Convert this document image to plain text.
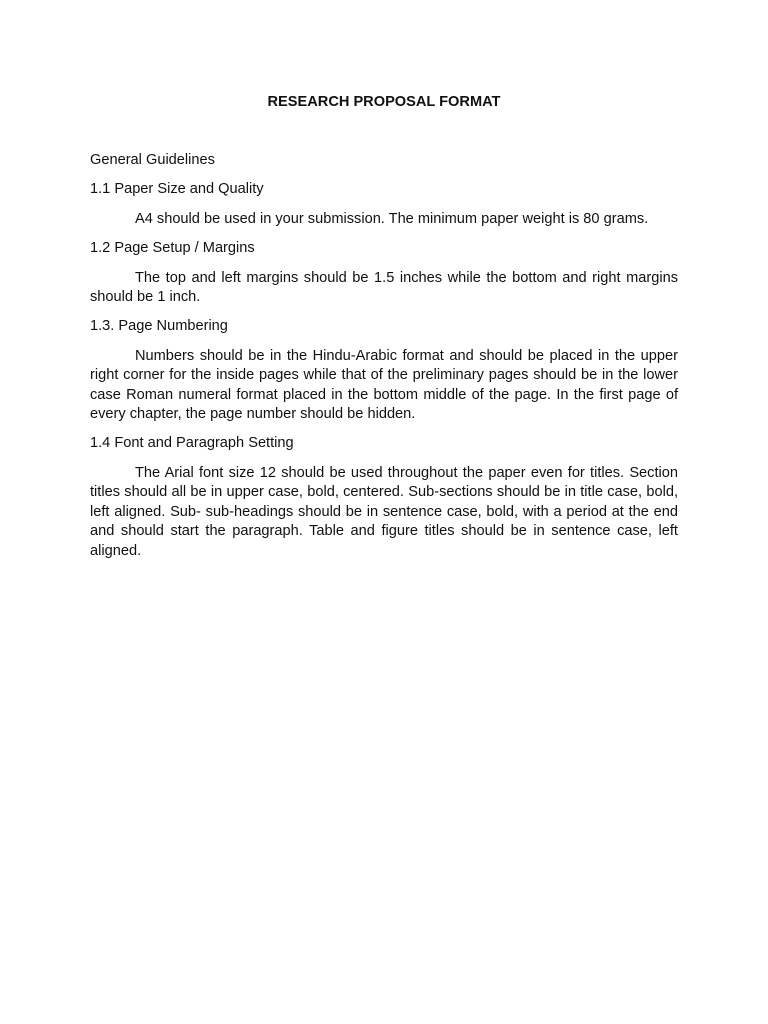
RESEARCH PROPOSAL FORMAT

General Guidelines

1.1 Paper Size and Quality

A4 should be used in your submission. The minimum paper weight is 80 grams.

1.2 Page Setup / Margins

The top and left margins should be 1.5 inches while the bottom and right margins should be 1 inch.

1.3. Page Numbering

Numbers should be in the Hindu-Arabic format and should be placed in the upper right corner for the inside pages while that of the preliminary pages should be in the lower case Roman numeral format placed in the bottom middle of the page. In the first page of every chapter, the page number should be hidden.

1.4 Font and Paragraph Setting

The Arial font size 12 should be used throughout the paper even for titles. Section titles should all be in upper case, bold, centered. Sub-sections should be in title case, bold, left aligned. Sub- sub-headings should be in sentence case, bold, with a period at the end and should start the paragraph. Table and figure titles should be in sentence case, left aligned.
